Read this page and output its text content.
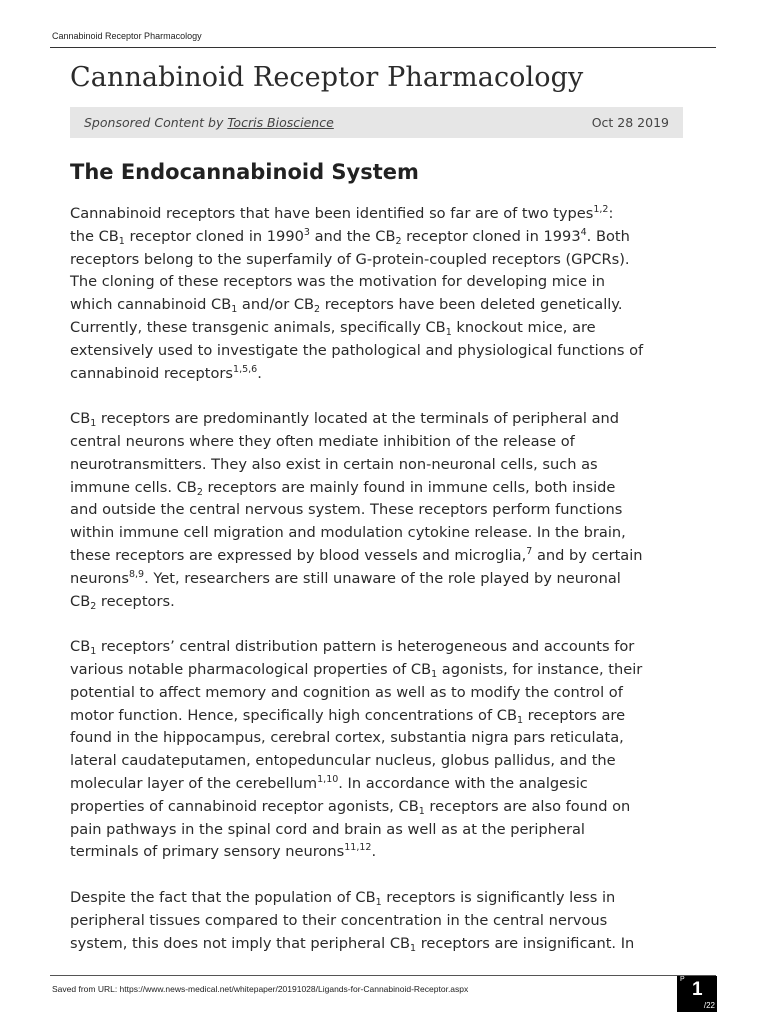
Cannabinoid Receptor Pharmacology
Cannabinoid Receptor Pharmacology
Sponsored Content by Tocris Bioscience	Oct 28 2019
The Endocannabinoid System

Cannabinoid receptors that have been identified so far are of two types$^{1,2}$:
the $CB_1$ receptor cloned in 1990$^3$ and the $CB_2$ receptor cloned in 1993$^4$. Both
receptors belong to the superfamily of G-protein-coupled receptors (GPCRs).
The cloning of these receptors was the motivation for developing mice in
which cannabinoid $CB_1$ and/or $CB_2$ receptors have been deleted genetically.
Currently, these transgenic animals, specifically $CB_1$ knockout mice, are
extensively used to investigate the pathological and physiological functions of
cannabinoid receptors$^{1,5,6}$.

$CB_1$ receptors are predominantly located at the terminals of peripheral and
central neurons where they often mediate inhibition of the release of
neurotransmitters. They also exist in certain non-neuronal cells, such as
immune cells. $CB_2$ receptors are mainly found in immune cells, both inside
and outside the central nervous system. These receptors perform functions
within immune cell migration and modulation cytokine release. In the brain,
these receptors are expressed by blood vessels and microglia,$^7$ and by certain
neurons$^{8,9}$. Yet, researchers are still unaware of the role played by neuronal
$CB_2$ receptors.

$CB_1$ receptors’ central distribution pattern is heterogeneous and accounts for
various notable pharmacological properties of $CB_1$ agonists, for instance, their
potential to affect memory and cognition as well as to modify the control of
motor function. Hence, specifically high concentrations of $CB_1$ receptors are
found in the hippocampus, cerebral cortex, substantia nigra pars reticulata,
lateral caudateputamen, entopeduncular nucleus, globus pallidus, and the
molecular layer of the cerebellum$^{1,10}$. In accordance with the analgesic
properties of cannabinoid receptor agonists, $CB_1$ receptors are also found on
pain pathways in the spinal cord and brain as well as at the peripheral
terminals of primary sensory neurons$^{11,12}$.

Despite the fact that the population of $CB_1$ receptors is significantly less in
peripheral tissues compared to their concentration in the central nervous
system, this does not imply that peripheral $CB_1$ receptors are insignificant. In

Saved from URL: https://www.news-medical.net/whitepaper/20191028/Ligands-for-Cannabinoid-Receptor.aspx
P 1
/22
